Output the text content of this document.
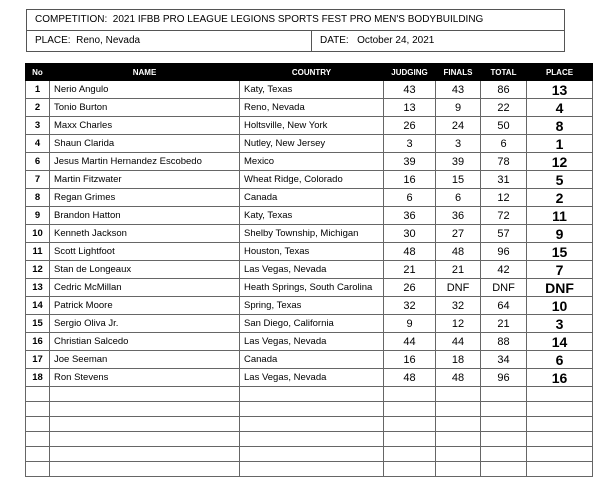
COMPETITION: 2021 IFBB PRO LEAGUE LEGIONS SPORTS FEST PRO MEN'S BODYBUILDING
PLACE: Reno, Nevada	DATE: October 24, 2021
No	NAME	COUNTRY	JUDGING	FINALS	TOTAL	PLACE
1	Nerio Angulo	Katy, Texas	43	43	86	13
2	Tonio Burton	Reno, Nevada	13	9	22	4
3	Maxx Charles	Holtsville, New York	26	24	50	8
4	Shaun Clarida	Nutley, New Jersey	3	3	6	1
6	Jesus Martin Hernandez Escobedo	Mexico	39	39	78	12
7	Martin Fitzwater	Wheat Ridge, Colorado	16	15	31	5
8	Regan Grimes	Canada	6	6	12	2
9	Brandon Hatton	Katy, Texas	36	36	72	11
10	Kenneth Jackson	Shelby Township, Michigan	30	27	57	9
11	Scott Lightfoot	Houston, Texas	48	48	96	15
12	Stan de Longeaux	Las Vegas, Nevada	21	21	42	7
13	Cedric McMillan	Heath Springs, South Carolina	26	DNF	DNF	DNF
14	Patrick Moore	Spring, Texas	32	32	64	10
15	Sergio Oliva Jr.	San Diego, California	9	12	21	3
16	Christian Salcedo	Las Vegas, Nevada	44	44	88	14
17	Joe Seeman	Canada	16	18	34	6
18	Ron Stevens	Las Vegas, Nevada	48	48	96	16
